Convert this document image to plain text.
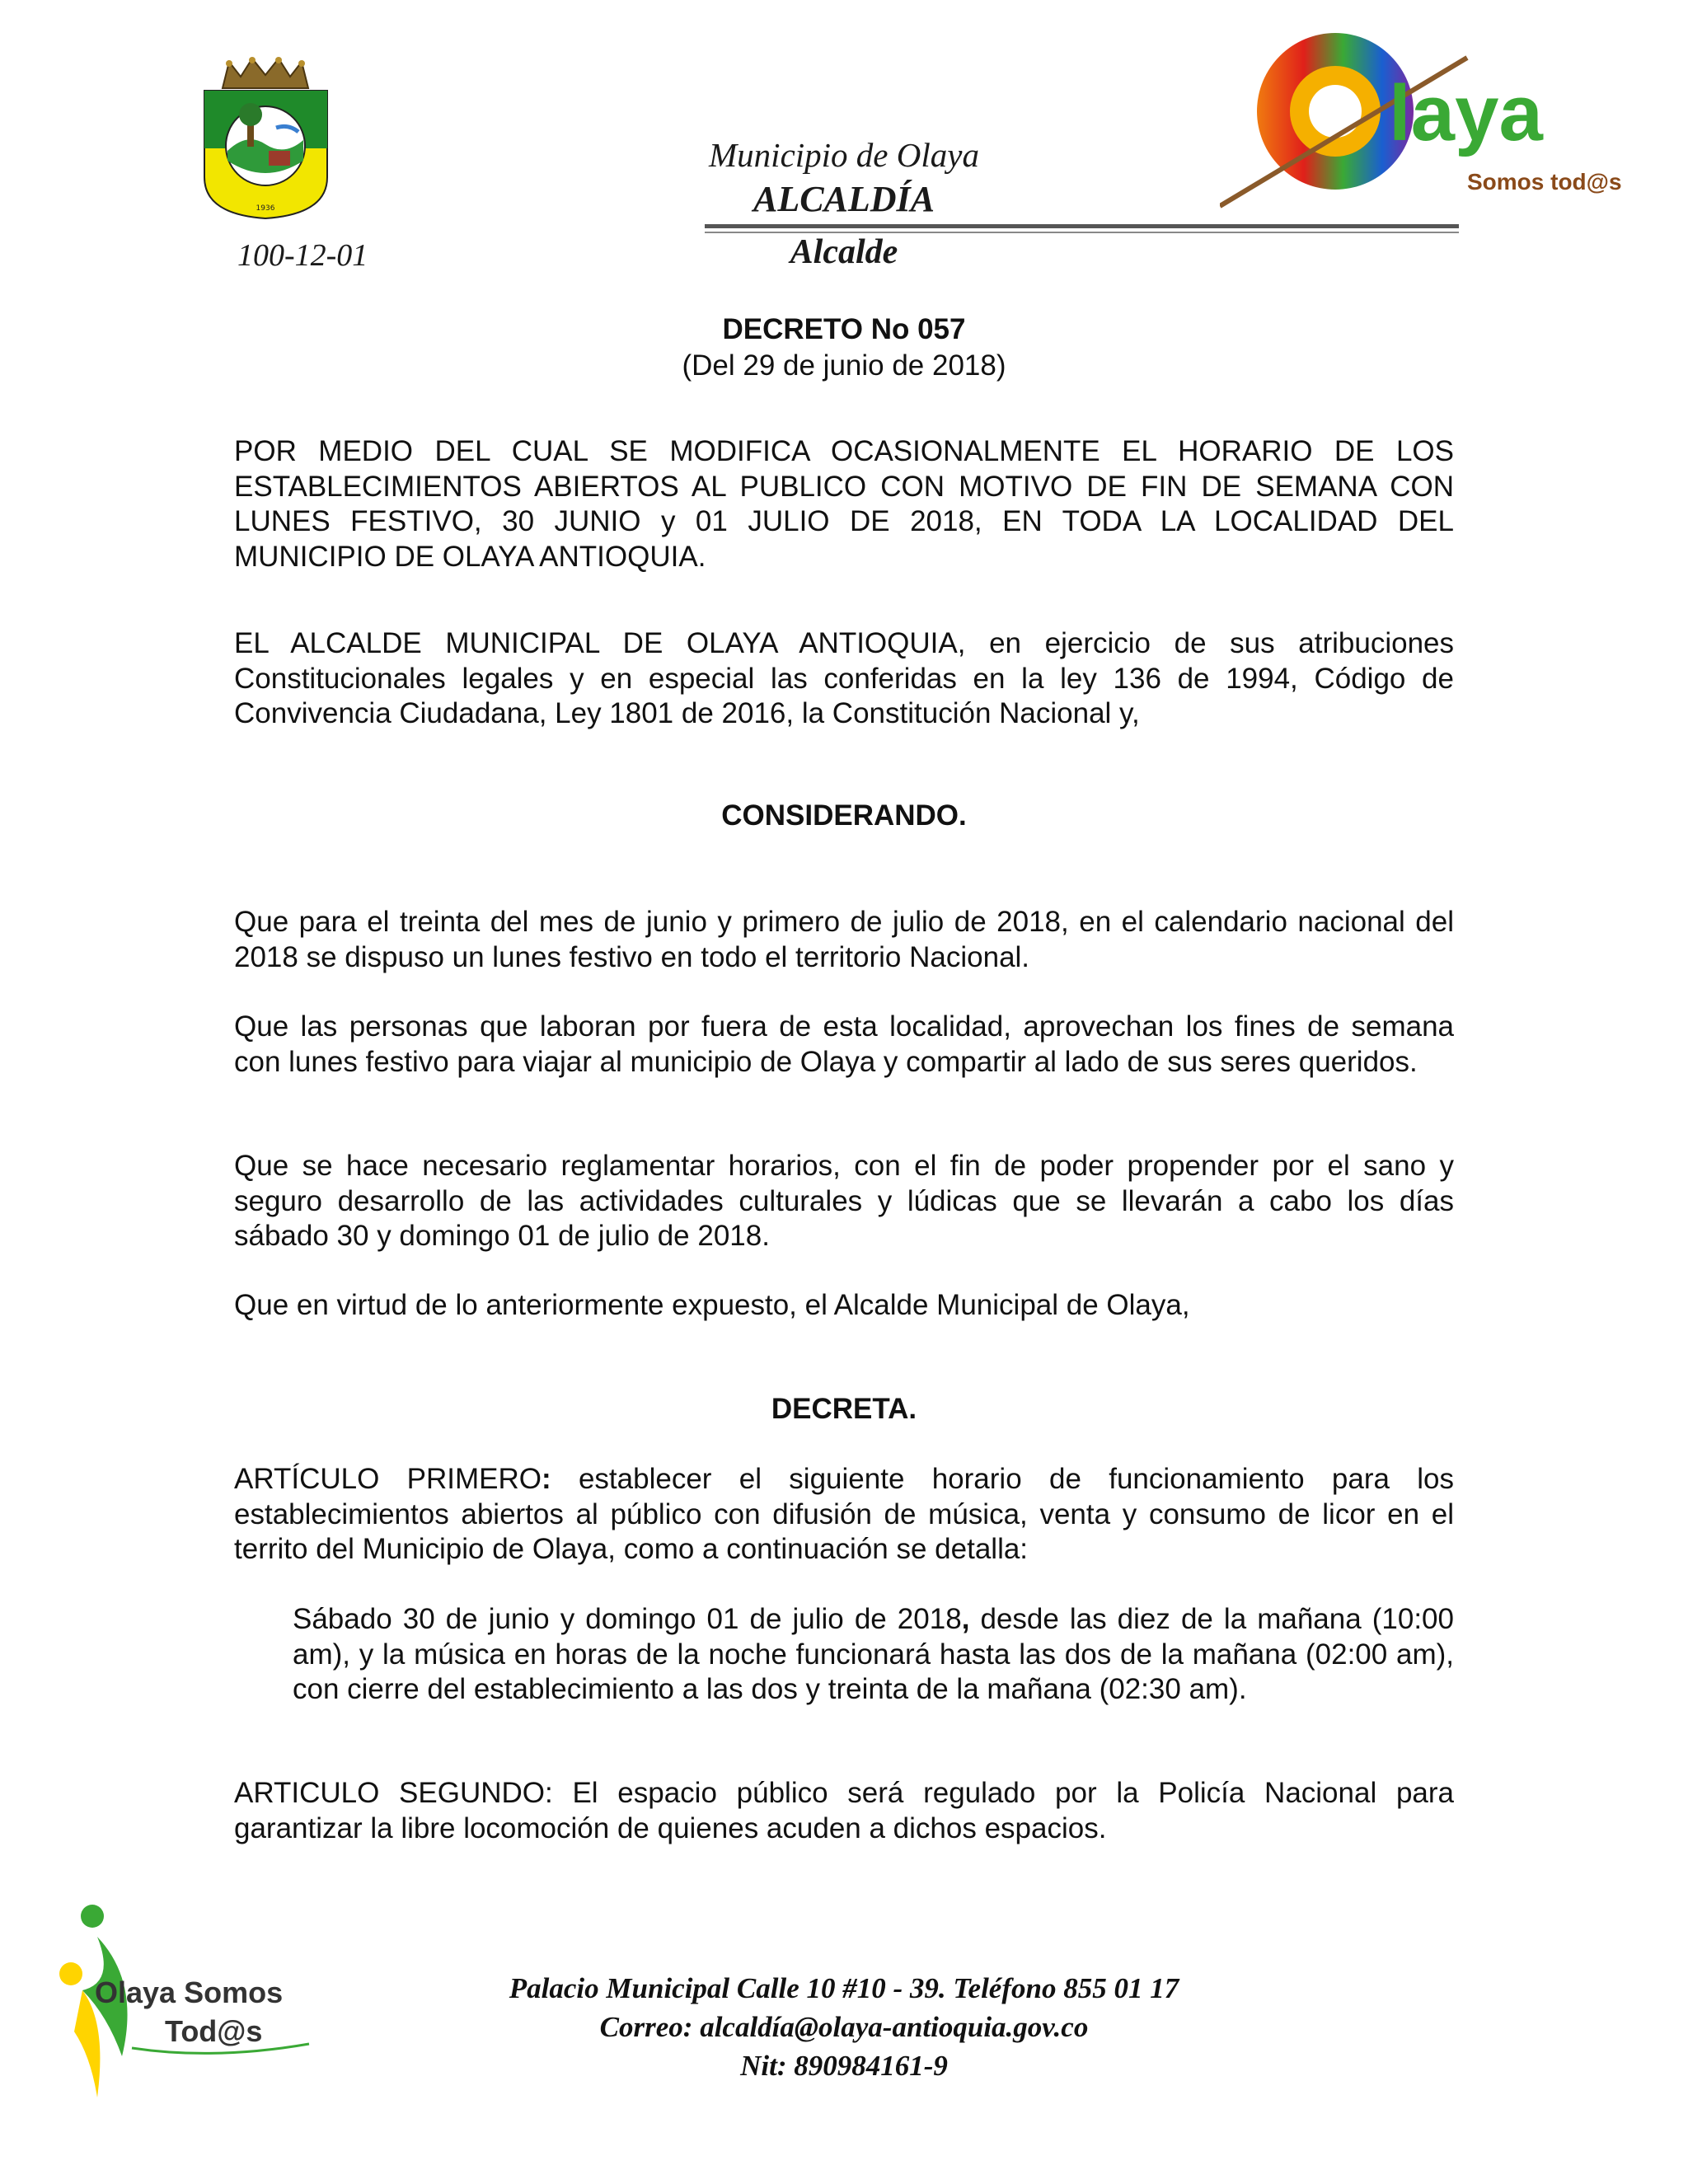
1936
laya
Somos tod@s
Municipio de Olaya
ALCALDÍA
100-12-01	Alcalde
DECRETO No 057
(Del 29 de junio de 2018)
POR MEDIO DEL CUAL SE MODIFICA OCASIONALMENTE EL HORARIO DE LOS ESTABLECIMIENTOS ABIERTOS AL PUBLICO CON MOTIVO DE FIN DE SEMANA CON LUNES FESTIVO, 30 JUNIO y 01 JULIO DE 2018, EN TODA LA LOCALIDAD DEL MUNICIPIO DE OLAYA ANTIOQUIA.
EL ALCALDE MUNICIPAL DE OLAYA ANTIOQUIA, en ejercicio de sus atribuciones Constitucionales legales y en especial las conferidas en la ley 136 de 1994, Código de Convivencia Ciudadana, Ley 1801 de 2016, la Constitución Nacional y,
CONSIDERANDO.
Que para el treinta del mes de junio y primero de julio de 2018, en el calendario nacional del 2018 se dispuso un lunes festivo en todo el territorio Nacional.
Que las personas que laboran por fuera de esta localidad, aprovechan los fines de semana con lunes festivo para viajar al municipio de Olaya y compartir al lado de sus seres queridos.
Que se hace necesario reglamentar horarios, con el fin de poder propender por el sano y seguro desarrollo de las actividades culturales y lúdicas que se llevarán a cabo los días sábado 30 y domingo 01 de julio de 2018.
Que en virtud de lo anteriormente expuesto, el Alcalde Municipal de Olaya,
DECRETA.
ARTÍCULO PRIMERO: establecer el siguiente horario de funcionamiento para los establecimientos abiertos al público con difusión de música, venta y consumo de licor en el territo del Municipio de Olaya, como a continuación se detalla:
Sábado 30 de junio y domingo 01 de julio de 2018, desde las diez de la mañana (10:00 am), y la música en horas de la noche funcionará hasta las dos de la mañana (02:00 am), con cierre del establecimiento a las dos y treinta de la mañana (02:30 am).
ARTICULO SEGUNDO: El espacio público será regulado por la Policía Nacional para garantizar la libre locomoción de quienes acuden a dichos espacios.
Olaya Somos
Tod@s
Palacio Municipal Calle 10 #10 - 39. Teléfono 855 01 17
Correo: alcaldía@olaya-antioquia.gov.co
Nit: 890984161-9
